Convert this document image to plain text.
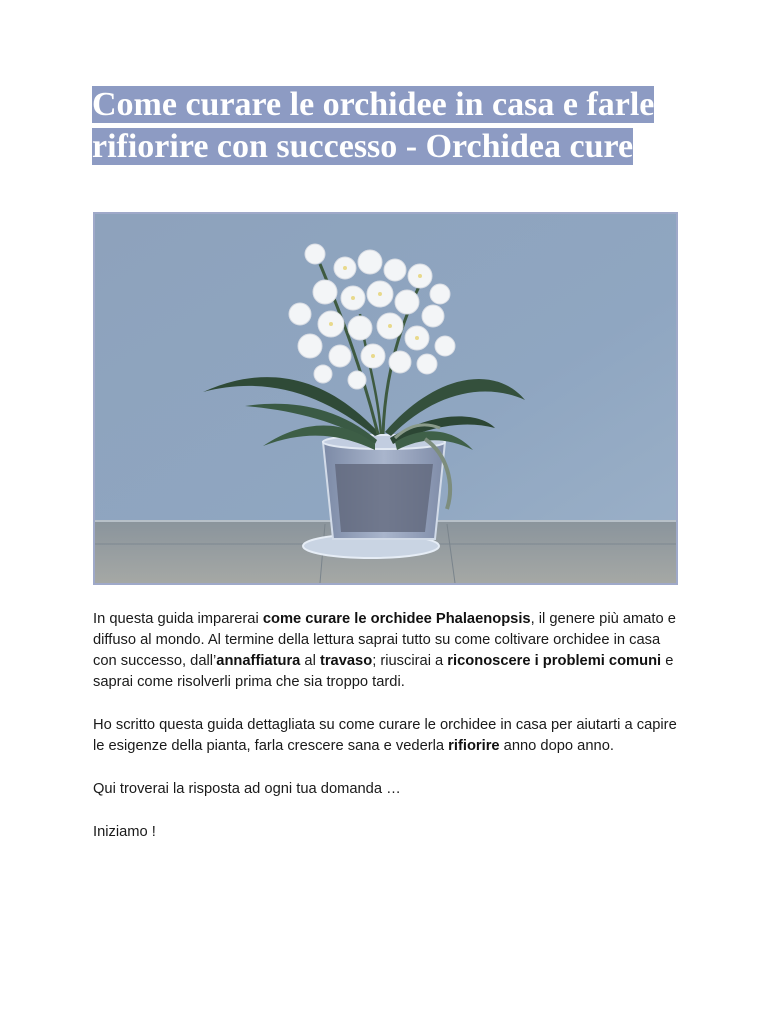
Come curare le orchidee in casa e farle rifiorire con successo - Orchidea cure

In questa guida imparerai come curare le orchidee Phalaenopsis, il genere più amato e diffuso al mondo. Al termine della lettura saprai tutto su come coltivare orchidee in casa con successo, dall’annaffiatura al travaso; riuscirai a riconoscere i problemi comuni e saprai come risolverli prima che sia troppo tardi.

Ho scritto questa guida dettagliata su come curare le orchidee in casa per aiutarti a capire le esigenze della pianta, farla crescere sana e vederla rifiorire anno dopo anno.

Qui troverai la risposta ad ogni tua domanda …

Iniziamo !
